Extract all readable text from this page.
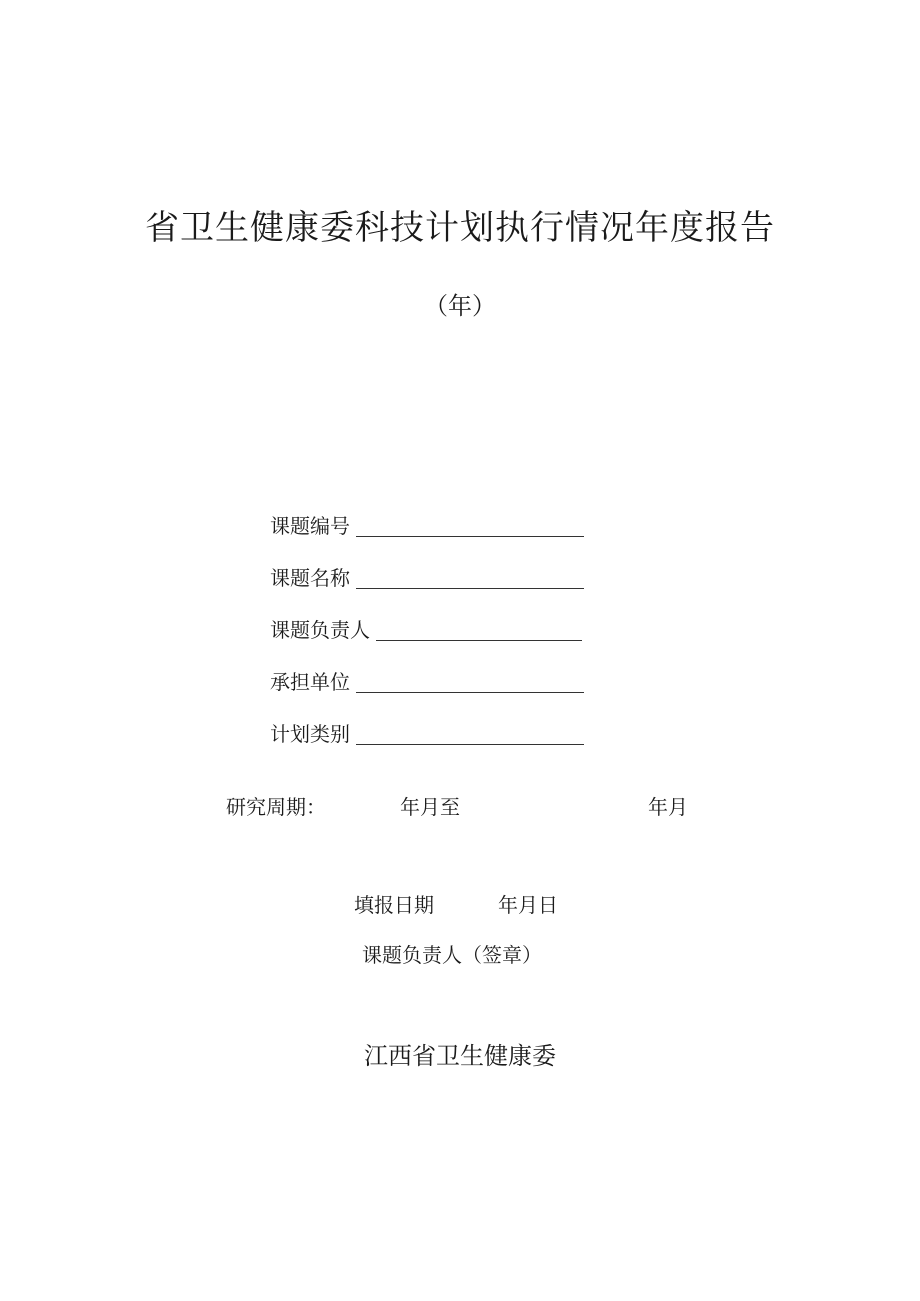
省卫生健康委科技计划执行情况年度报告
（年）
课题编号
课题名称
课题负责人
承担单位
计划类别
研究周期：	年月至	年月
填报日期	年月日
课题负责人（签章）
江西省卫生健康委
